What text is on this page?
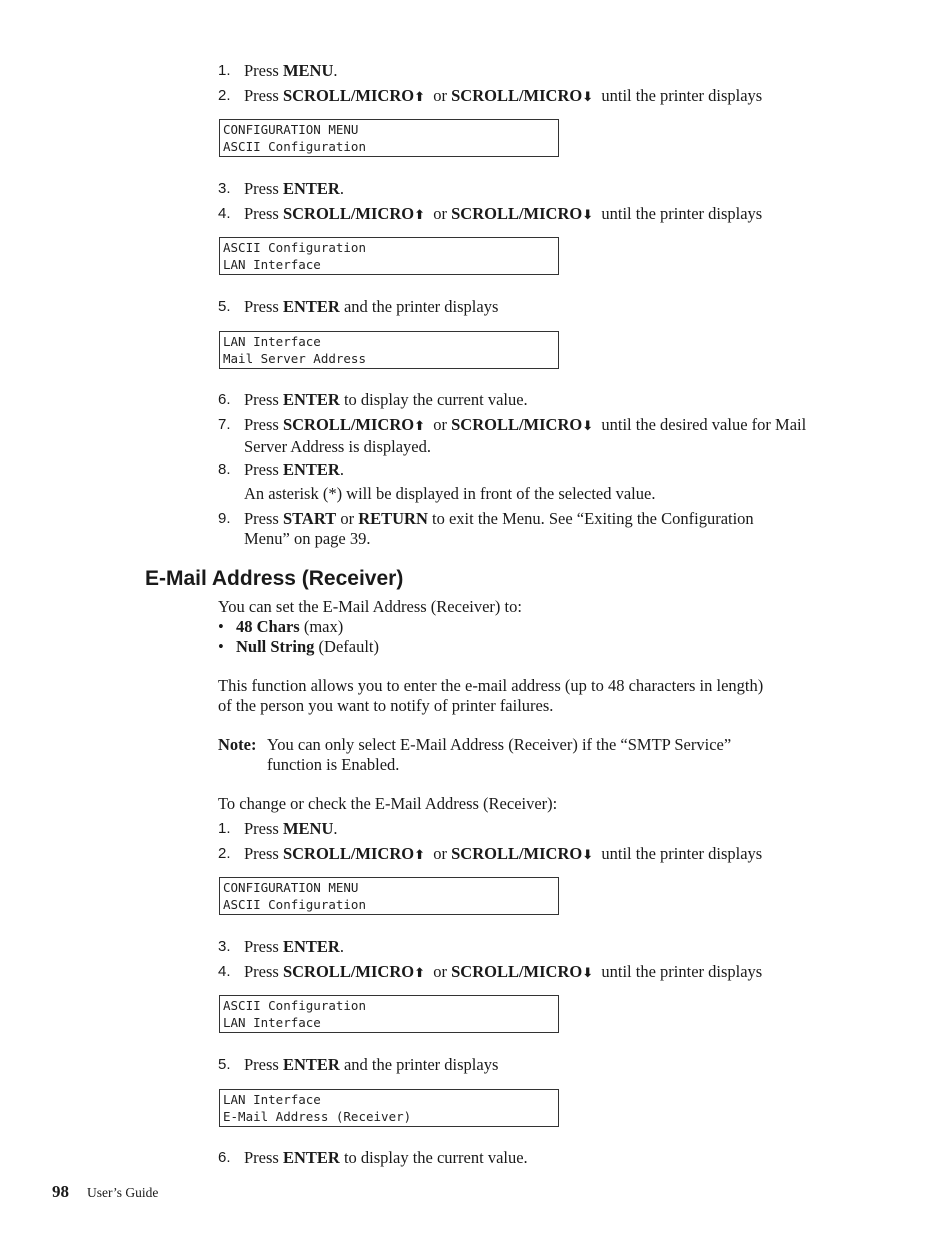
1. Press MENU.
2. Press SCROLL/MICRO⬆ or SCROLL/MICRO⬇ until the printer displays
CONFIGURATION MENU
ASCII Configuration
3. Press ENTER.
4. Press SCROLL/MICRO⬆ or SCROLL/MICRO⬇ until the printer displays
ASCII Configuration
LAN Interface
5. Press ENTER and the printer displays
LAN Interface
Mail Server Address
6. Press ENTER to display the current value.
7. Press SCROLL/MICRO⬆ or SCROLL/MICRO⬇ until the desired value for Mail
Server Address is displayed.
8. Press ENTER.
An asterisk (*) will be displayed in front of the selected value.
9. Press START or RETURN to exit the Menu. See “Exiting the Configuration
Menu” on page 39.
E-Mail Address (Receiver)
You can set the E-Mail Address (Receiver) to:
• 48 Chars (max)
• Null String (Default)
This function allows you to enter the e-mail address (up to 48 characters in length)
of the person you want to notify of printer failures.
Note: You can only select E-Mail Address (Receiver) if the “SMTP Service”
function is Enabled.
To change or check the E-Mail Address (Receiver):
1. Press MENU.
2. Press SCROLL/MICRO⬆ or SCROLL/MICRO⬇ until the printer displays
CONFIGURATION MENU
ASCII Configuration
3. Press ENTER.
4. Press SCROLL/MICRO⬆ or SCROLL/MICRO⬇ until the printer displays
ASCII Configuration
LAN Interface
5. Press ENTER and the printer displays
LAN Interface
E-Mail Address (Receiver)
6. Press ENTER to display the current value.
98 User’s Guide
